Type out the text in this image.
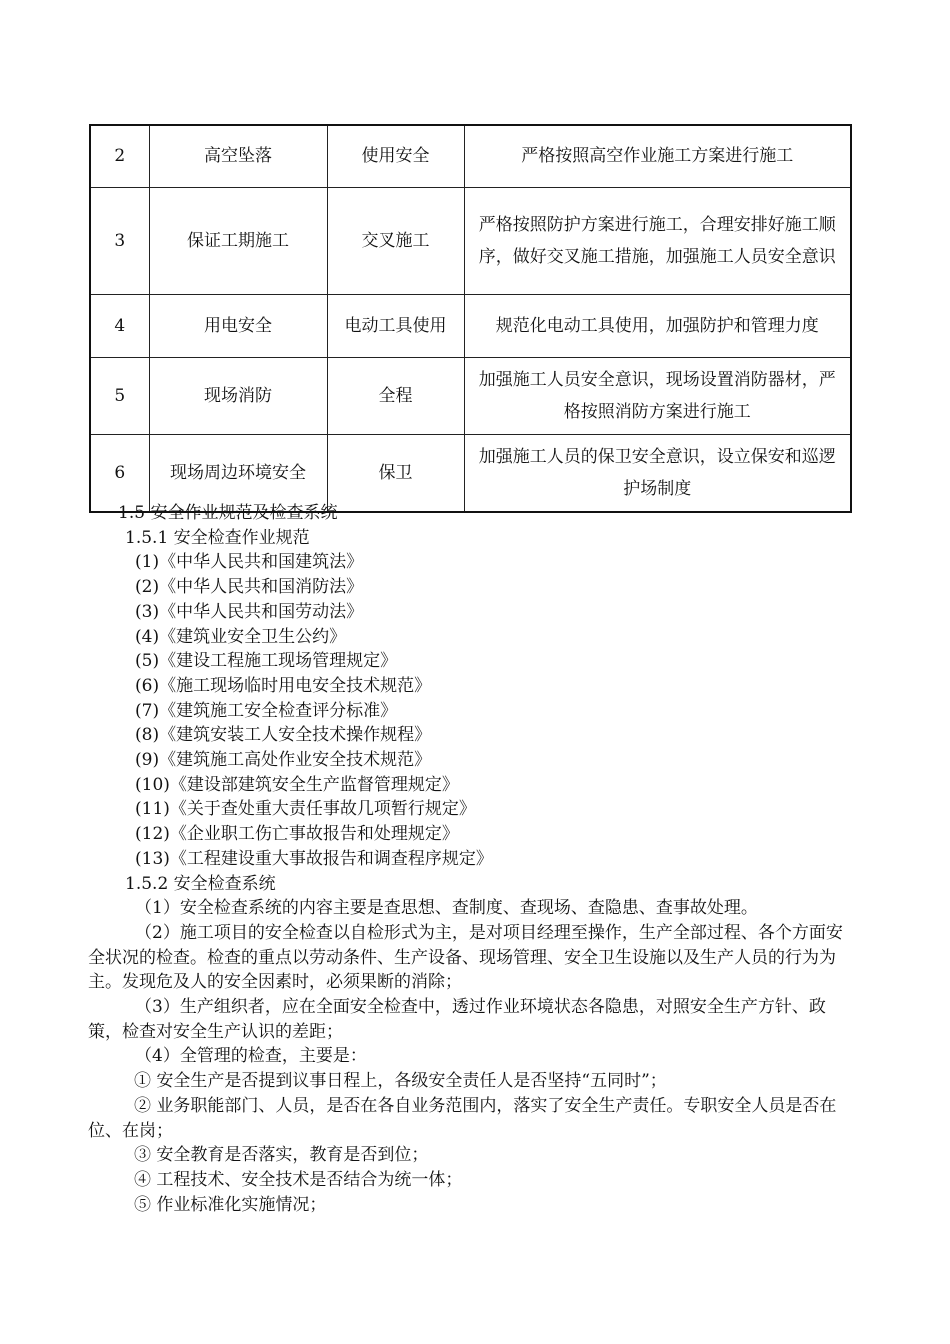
2	高空坠落	使用安全	严格按照高空作业施工方案进行施工
3	保证工期施工	交叉施工	严格按照防护方案进行施工，合理安排好施工顺序，做好交叉施工措施，加强施工人员安全意识
4	用电安全	电动工具使用	规范化电动工具使用，加强防护和管理力度
5	现场消防	全程	加强施工人员安全意识，现场设置消防器材，严格按照消防方案进行施工
6	现场周边环境安全	保卫	加强施工人员的保卫安全意识，设立保安和巡逻护场制度

1.5 安全作业规范及检查系统

1.5.1 安全检查作业规范

(1)《中华人民共和国建筑法》

(2)《中华人民共和国消防法》

(3)《中华人民共和国劳动法》

(4)《建筑业安全卫生公约》

(5)《建设工程施工现场管理规定》

(6)《施工现场临时用电安全技术规范》

(7)《建筑施工安全检查评分标准》

(8)《建筑安装工人安全技术操作规程》

(9)《建筑施工高处作业安全技术规范》

(10)《建设部建筑安全生产监督管理规定》

(11)《关于查处重大责任事故几项暂行规定》

(12)《企业职工伤亡事故报告和处理规定》

(13)《工程建设重大事故报告和调查程序规定》

1.5.2 安全检查系统

（1）安全检查系统的内容主要是查思想、查制度、查现场、查隐患、查事故处理。

（2）施工项目的安全检查以自检形式为主，是对项目经理至操作，生产全部过程、各个方面安全状况的检查。检查的重点以劳动条件、生产设备、现场管理、安全卫生设施以及生产人员的行为为主。发现危及人的安全因素时，必须果断的消除；

（3）生产组织者，应在全面安全检查中，透过作业环境状态各隐患，对照安全生产方针、政策，检查对安全生产认识的差距；

（4）全管理的检查，主要是：

① 安全生产是否提到议事日程上，各级安全责任人是否坚持“五同时”；

② 业务职能部门、人员，是否在各自业务范围内，落实了安全生产责任。专职安全人员是否在位、在岗；

③ 安全教育是否落实，教育是否到位；

④ 工程技术、安全技术是否结合为统一体；

⑤ 作业标准化实施情况；
